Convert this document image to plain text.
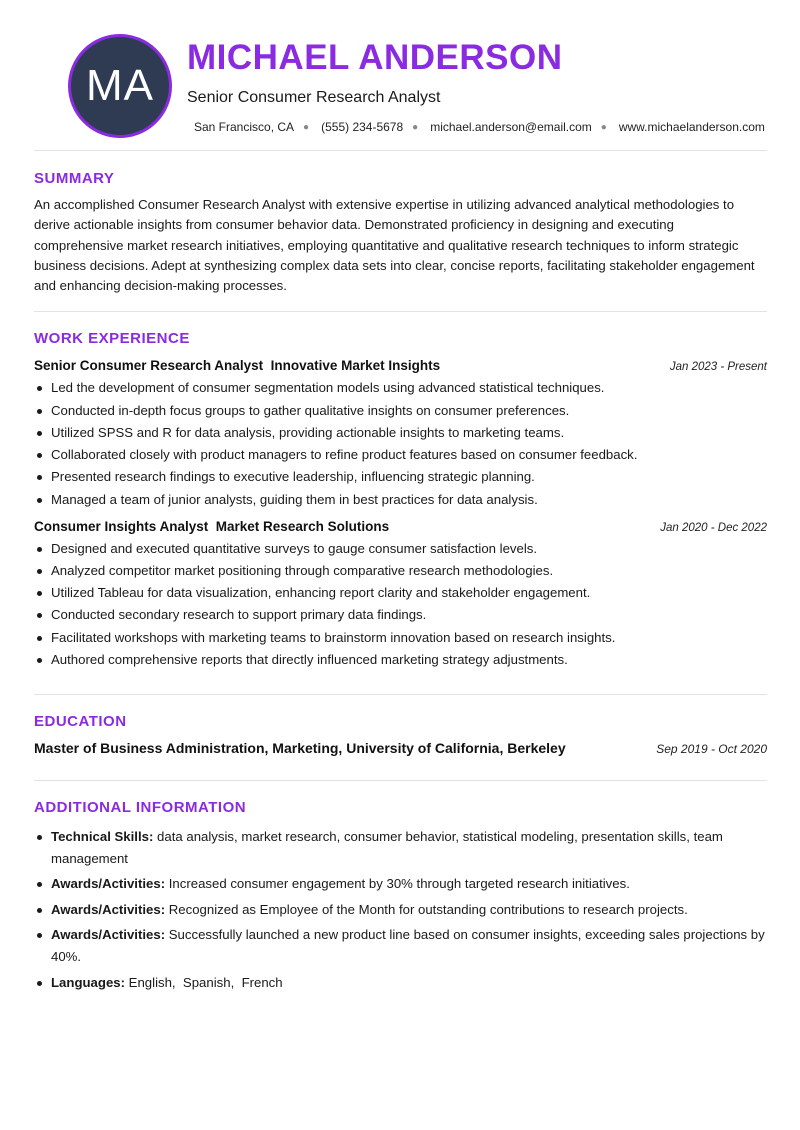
MA
MICHAEL ANDERSON
Senior Consumer Research Analyst
San Francisco, CA ● (555) 234-5678 ● michael.anderson@email.com ● www.michaelanderson.com
SUMMARY

An accomplished Consumer Research Analyst with extensive expertise in utilizing advanced analytical methodologies to derive actionable insights from consumer behavior data. Demonstrated proficiency in designing and executing comprehensive market research initiatives, employing quantitative and qualitative research techniques to inform strategic business decisions. Adept at synthesizing complex data sets into clear, concise reports, facilitating stakeholder engagement and enhancing decision-making processes.

WORK EXPERIENCE
Senior Consumer Research Analyst  Innovative Market Insights	Jan 2023 - Present
Led the development of consumer segmentation models using advanced statistical techniques.
Conducted in-depth focus groups to gather qualitative insights on consumer preferences.
Utilized SPSS and R for data analysis, providing actionable insights to marketing teams.
Collaborated closely with product managers to refine product features based on consumer feedback.
Presented research findings to executive leadership, influencing strategic planning.
Managed a team of junior analysts, guiding them in best practices for data analysis.
Consumer Insights Analyst  Market Research Solutions	Jan 2020 - Dec 2022
Designed and executed quantitative surveys to gauge consumer satisfaction levels.
Analyzed competitor market positioning through comparative research methodologies.
Utilized Tableau for data visualization, enhancing report clarity and stakeholder engagement.
Conducted secondary research to support primary data findings.
Facilitated workshops with marketing teams to brainstorm innovation based on research insights.
Authored comprehensive reports that directly influenced marketing strategy adjustments.
EDUCATION
Master of Business Administration, Marketing, University of California, Berkeley	Sep 2019 - Oct 2020
ADDITIONAL INFORMATION
Technical Skills: data analysis, market research, consumer behavior, statistical modeling, presentation skills, team management
Awards/Activities: Increased consumer engagement by 30% through targeted research initiatives.
Awards/Activities: Recognized as Employee of the Month for outstanding contributions to research projects.
Awards/Activities: Successfully launched a new product line based on consumer insights, exceeding sales projections by 40%.
Languages: English,  Spanish,  French
